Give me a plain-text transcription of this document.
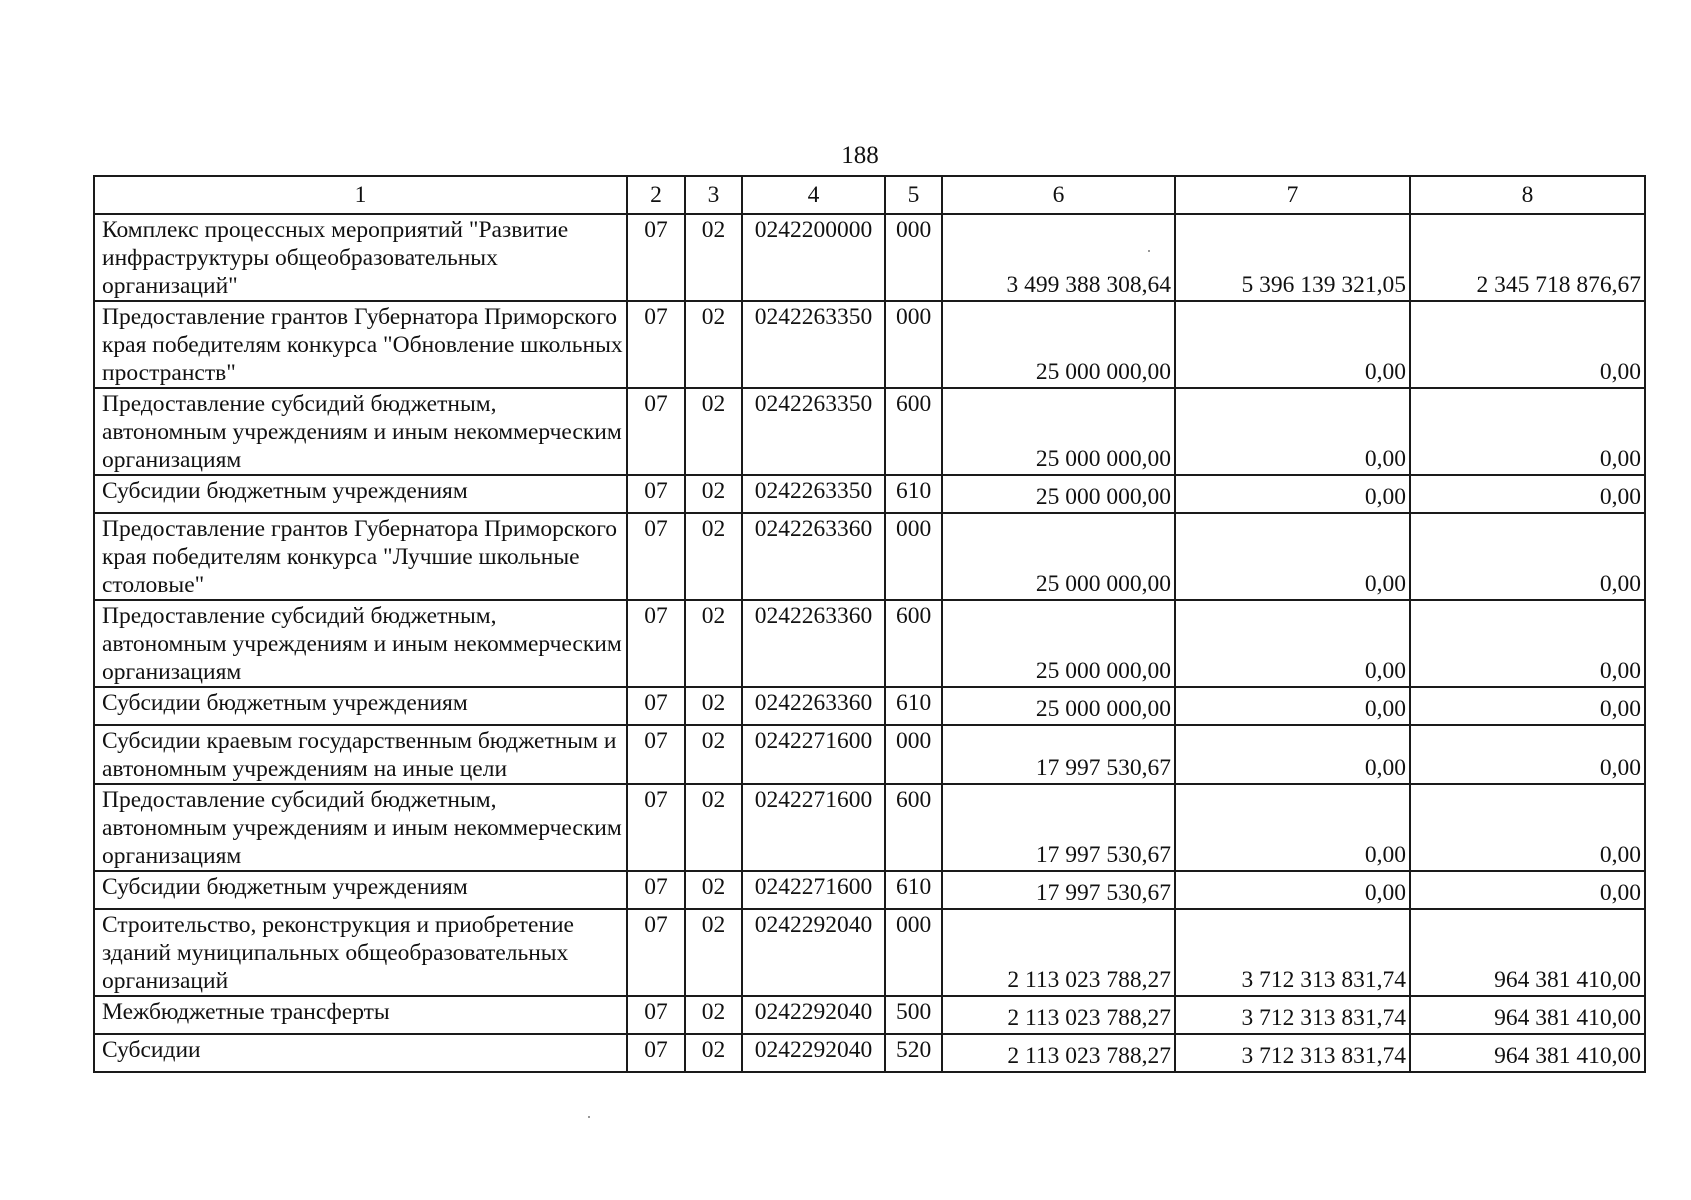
188
1	2	3	4	5	6	7	8
Комплекс процессных мероприятий "Развитие инфраструктуры общеобразовательных организаций"	07	02	0242200000	000	3 499 388 308,64	5 396 139 321,05	2 345 718 876,67
Предоставление грантов Губернатора Приморского края победителям конкурса "Обновление школьных пространств"	07	02	0242263350	000	25 000 000,00	0,00	0,00
Предоставление субсидий бюджетным, автономным учреждениям и иным некоммерческим организациям	07	02	0242263350	600	25 000 000,00	0,00	0,00
Субсидии бюджетным учреждениям	07	02	0242263350	610	25 000 000,00	0,00	0,00
Предоставление грантов Губернатора Приморского края победителям конкурса "Лучшие школьные столовые"	07	02	0242263360	000	25 000 000,00	0,00	0,00
Предоставление субсидий бюджетным, автономным учреждениям и иным некоммерческим организациям	07	02	0242263360	600	25 000 000,00	0,00	0,00
Субсидии бюджетным учреждениям	07	02	0242263360	610	25 000 000,00	0,00	0,00
Субсидии краевым государственным бюджетным и автономным учреждениям на иные цели	07	02	0242271600	000	17 997 530,67	0,00	0,00
Предоставление субсидий бюджетным, автономным учреждениям и иным некоммерческим организациям	07	02	0242271600	600	17 997 530,67	0,00	0,00
Субсидии бюджетным учреждениям	07	02	0242271600	610	17 997 530,67	0,00	0,00
Строительство, реконструкция и приобретение зданий муниципальных общеобразовательных организаций	07	02	0242292040	000	2 113 023 788,27	3 712 313 831,74	964 381 410,00
Межбюджетные трансферты	07	02	0242292040	500	2 113 023 788,27	3 712 313 831,74	964 381 410,00
Субсидии	07	02	0242292040	520	2 113 023 788,27	3 712 313 831,74	964 381 410,00
